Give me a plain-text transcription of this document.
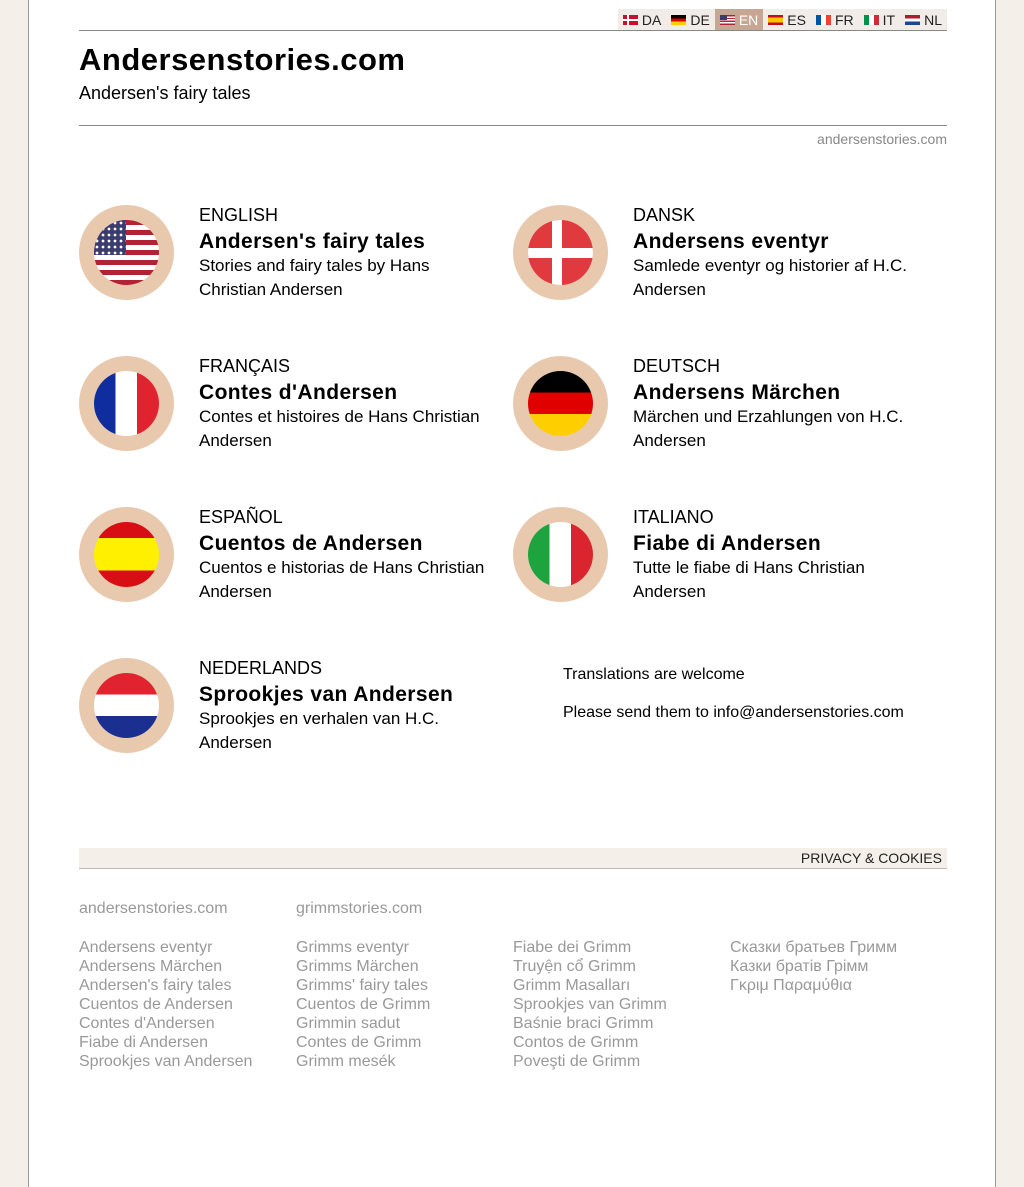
DA DE EN ES FR IT NL
Andersenstories.com
Andersen's fairy tales
andersenstories.com
ENGLISH
Andersen's fairy tales
Stories and fairy tales by Hans Christian Andersen
DANSK
Andersens eventyr
Samlede eventyr og historier af H.C. Andersen
FRANÇAIS
Contes d'Andersen
Contes et histoires de Hans Christian Andersen
DEUTSCH
Andersens Märchen
Märchen und Erzahlungen von H.C. Andersen
ESPAÑOL
Cuentos de Andersen
Cuentos e historias de Hans Christian Andersen
ITALIANO
Fiabe di Andersen
Tutte le fiabe di Hans Christian Andersen
NEDERLANDS
Sprookjes van Andersen
Sprookjes en verhalen van H.C. Andersen
Translations are welcome
Please send them to info@andersenstories.com
PRIVACY & COOKIES
andersenstories.com
Andersens eventyr
Andersens Märchen
Andersen's fairy tales
Cuentos de Andersen
Contes d'Andersen
Fiabe di Andersen
Sprookjes van Andersen
grimmstories.com
Grimms eventyr
Grimms Märchen
Grimms' fairy tales
Cuentos de Grimm
Grimmin sadut
Contes de Grimm
Grimm mesék
Fiabe dei Grimm
Truyện cổ Grimm
Grimm Masalları
Sprookjes van Grimm
Baśnie braci Grimm
Contos de Grimm
Poveşti de Grimm
Сказки братьев Гримм
Казки братів Грімм
Γκριμ Παραμύθια
